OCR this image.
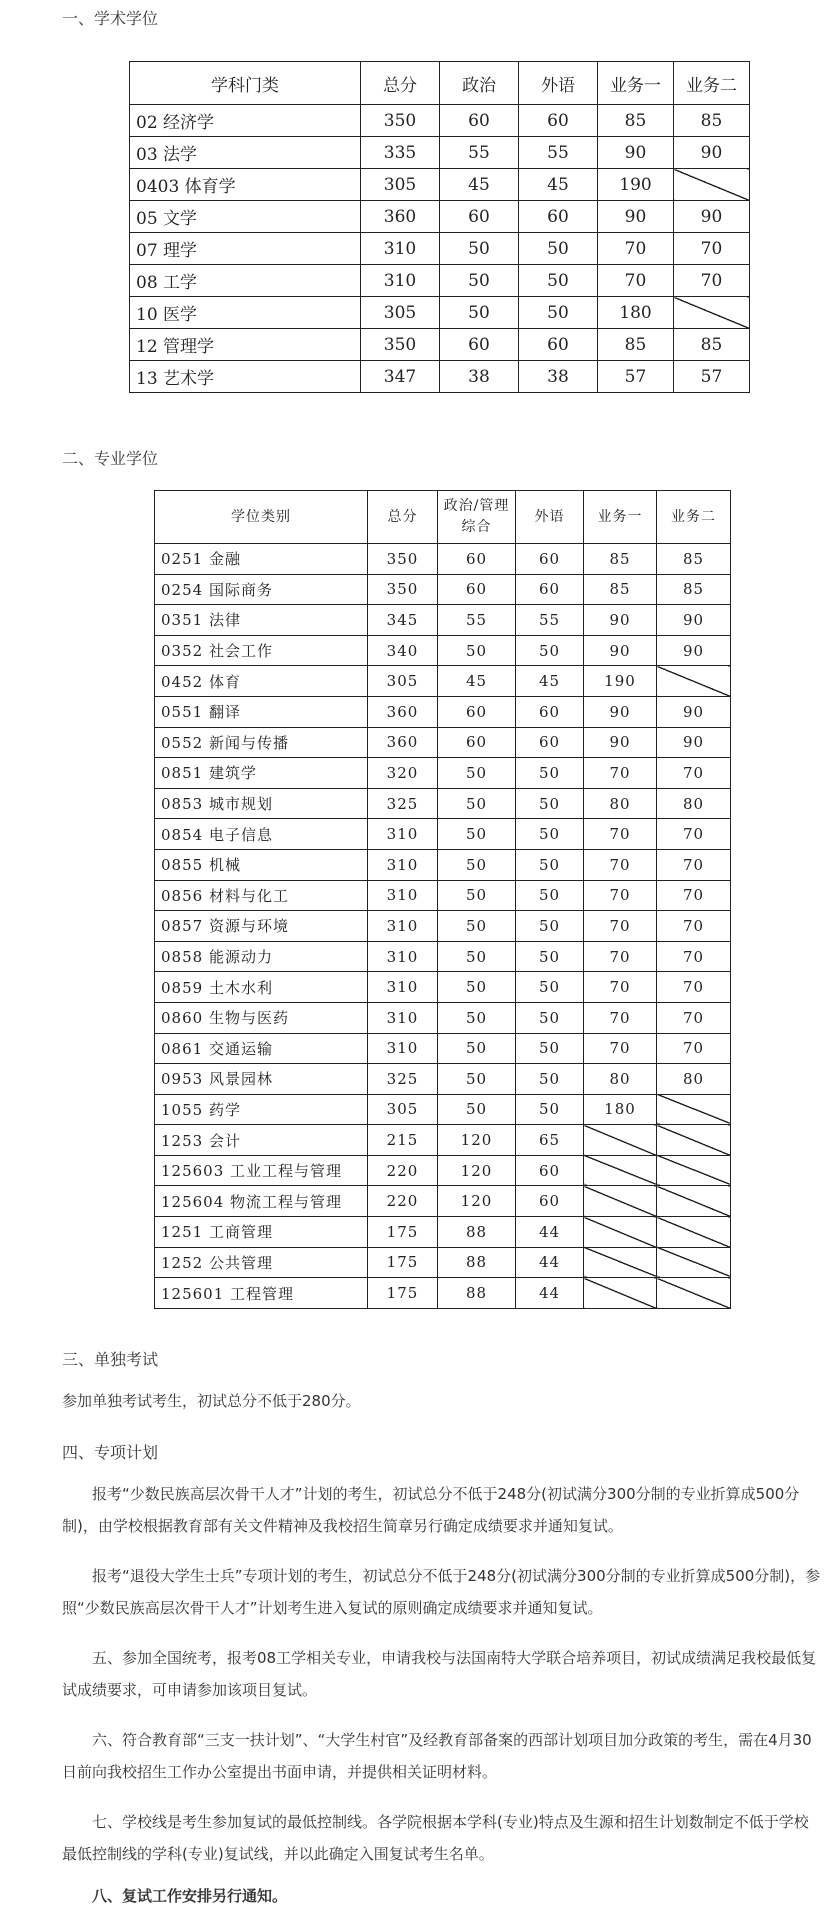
一、学术学位
学科门类	总分	政治	外语	业务一	业务二
02 经济学	350	60	60	85	85
03 法学	335	55	55	90	90
0403 体育学	305	45	45	190	
05 文学	360	60	60	90	90
07 理学	310	50	50	70	70
08 工学	310	50	50	70	70
10 医学	305	50	50	180	
12 管理学	350	60	60	85	85
13 艺术学	347	38	38	57	57
二、专业学位
学位类别	总分	政治/管理综合	外语	业务一	业务二
0251 金融	350	60	60	85	85
0254 国际商务	350	60	60	85	85
0351 法律	345	55	55	90	90
0352 社会工作	340	50	50	90	90
0452 体育	305	45	45	190	
0551 翻译	360	60	60	90	90
0552 新闻与传播	360	60	60	90	90
0851 建筑学	320	50	50	70	70
0853 城市规划	325	50	50	80	80
0854 电子信息	310	50	50	70	70
0855 机械	310	50	50	70	70
0856 材料与化工	310	50	50	70	70
0857 资源与环境	310	50	50	70	70
0858 能源动力	310	50	50	70	70
0859 土木水利	310	50	50	70	70
0860 生物与医药	310	50	50	70	70
0861 交通运输	310	50	50	70	70
0953 风景园林	325	50	50	80	80
1055 药学	305	50	50	180	
1253 会计	215	120	65		
125603 工业工程与管理	220	120	60		
125604 物流工程与管理	220	120	60		
1251 工商管理	175	88	44		
1252 公共管理	175	88	44		
125601 工程管理	175	88	44		
三、单独考试
参加单独考试考生，初试总分不低于280分。
四、专项计划
报考“少数民族高层次骨干人才”计划的考生，初试总分不低于248分(初试满分300分制的专业折算成500分制)，由学校根据教育部有关文件精神及我校招生简章另行确定成绩要求并通知复试。
报考“退役大学生士兵”专项计划的考生，初试总分不低于248分(初试满分300分制的专业折算成500分制)，参照“少数民族高层次骨干人才”计划考生进入复试的原则确定成绩要求并通知复试。
五、参加全国统考，报考08工学相关专业，申请我校与法国南特大学联合培养项目，初试成绩满足我校最低复试成绩要求，可申请参加该项目复试。
六、符合教育部“三支一扶计划”、“大学生村官”及经教育部备案的西部计划项目加分政策的考生，需在4月30日前向我校招生工作办公室提出书面申请，并提供相关证明材料。
七、学校线是考生参加复试的最低控制线。各学院根据本学科(专业)特点及生源和招生计划数制定不低于学校最低控制线的学科(专业)复试线，并以此确定入围复试考生名单。
八、复试工作安排另行通知。
